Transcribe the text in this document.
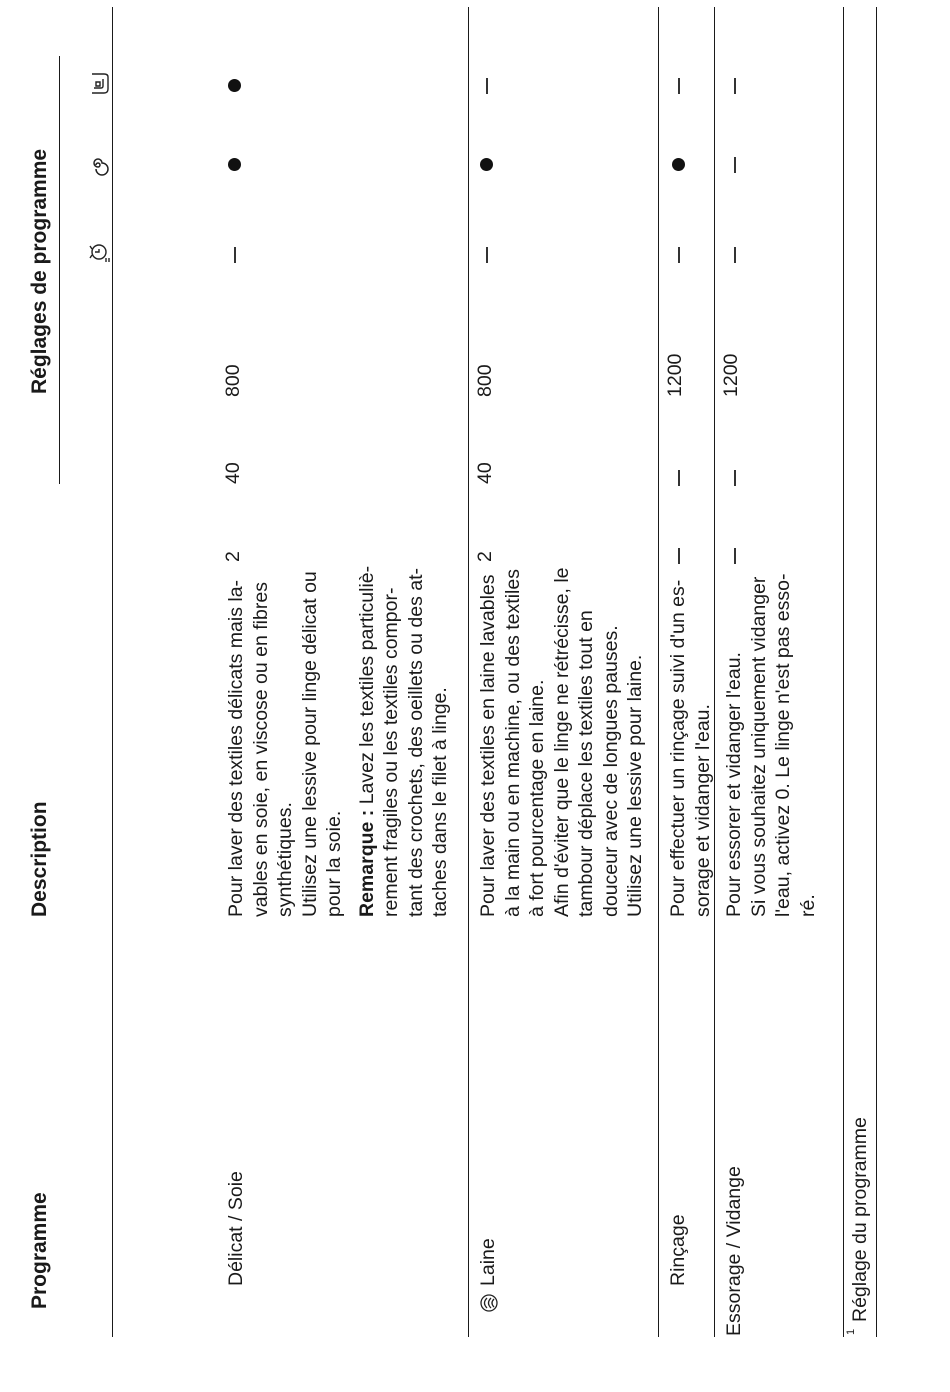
Programme
Description
Réglages de programme
Délicat / Soie
Pour laver des textiles délicats mais la- vables en soie, en viscose ou en fibres synthétiques. Utilisez une lessive pour linge délicat ou pour la soie. Remarque : Lavez les textiles particuliè- rement fragiles ou les textiles compor- tant des crochets, des oeillets ou des at- taches dans le filet à linge.
2
40
800
Laine
Pour laver des textiles en laine lavables à la main ou en machine, ou des textiles à fort pourcentage en laine. Afin d'éviter que le linge ne rétrécisse, le tambour déplace les textiles tout en douceur avec de longues pauses. Utilisez une lessive pour laine.
2
40
800
Rinçage
Pour effectuer un rinçage suivi d'un es- sorage et vidanger l'eau.
1200
Essorage / Vidange
Pour essorer et vidanger l'eau. Si vous souhaitez uniquement vidanger l'eau, activez 0. Le linge n'est pas esso- ré.
1200
1
Réglage du programme
